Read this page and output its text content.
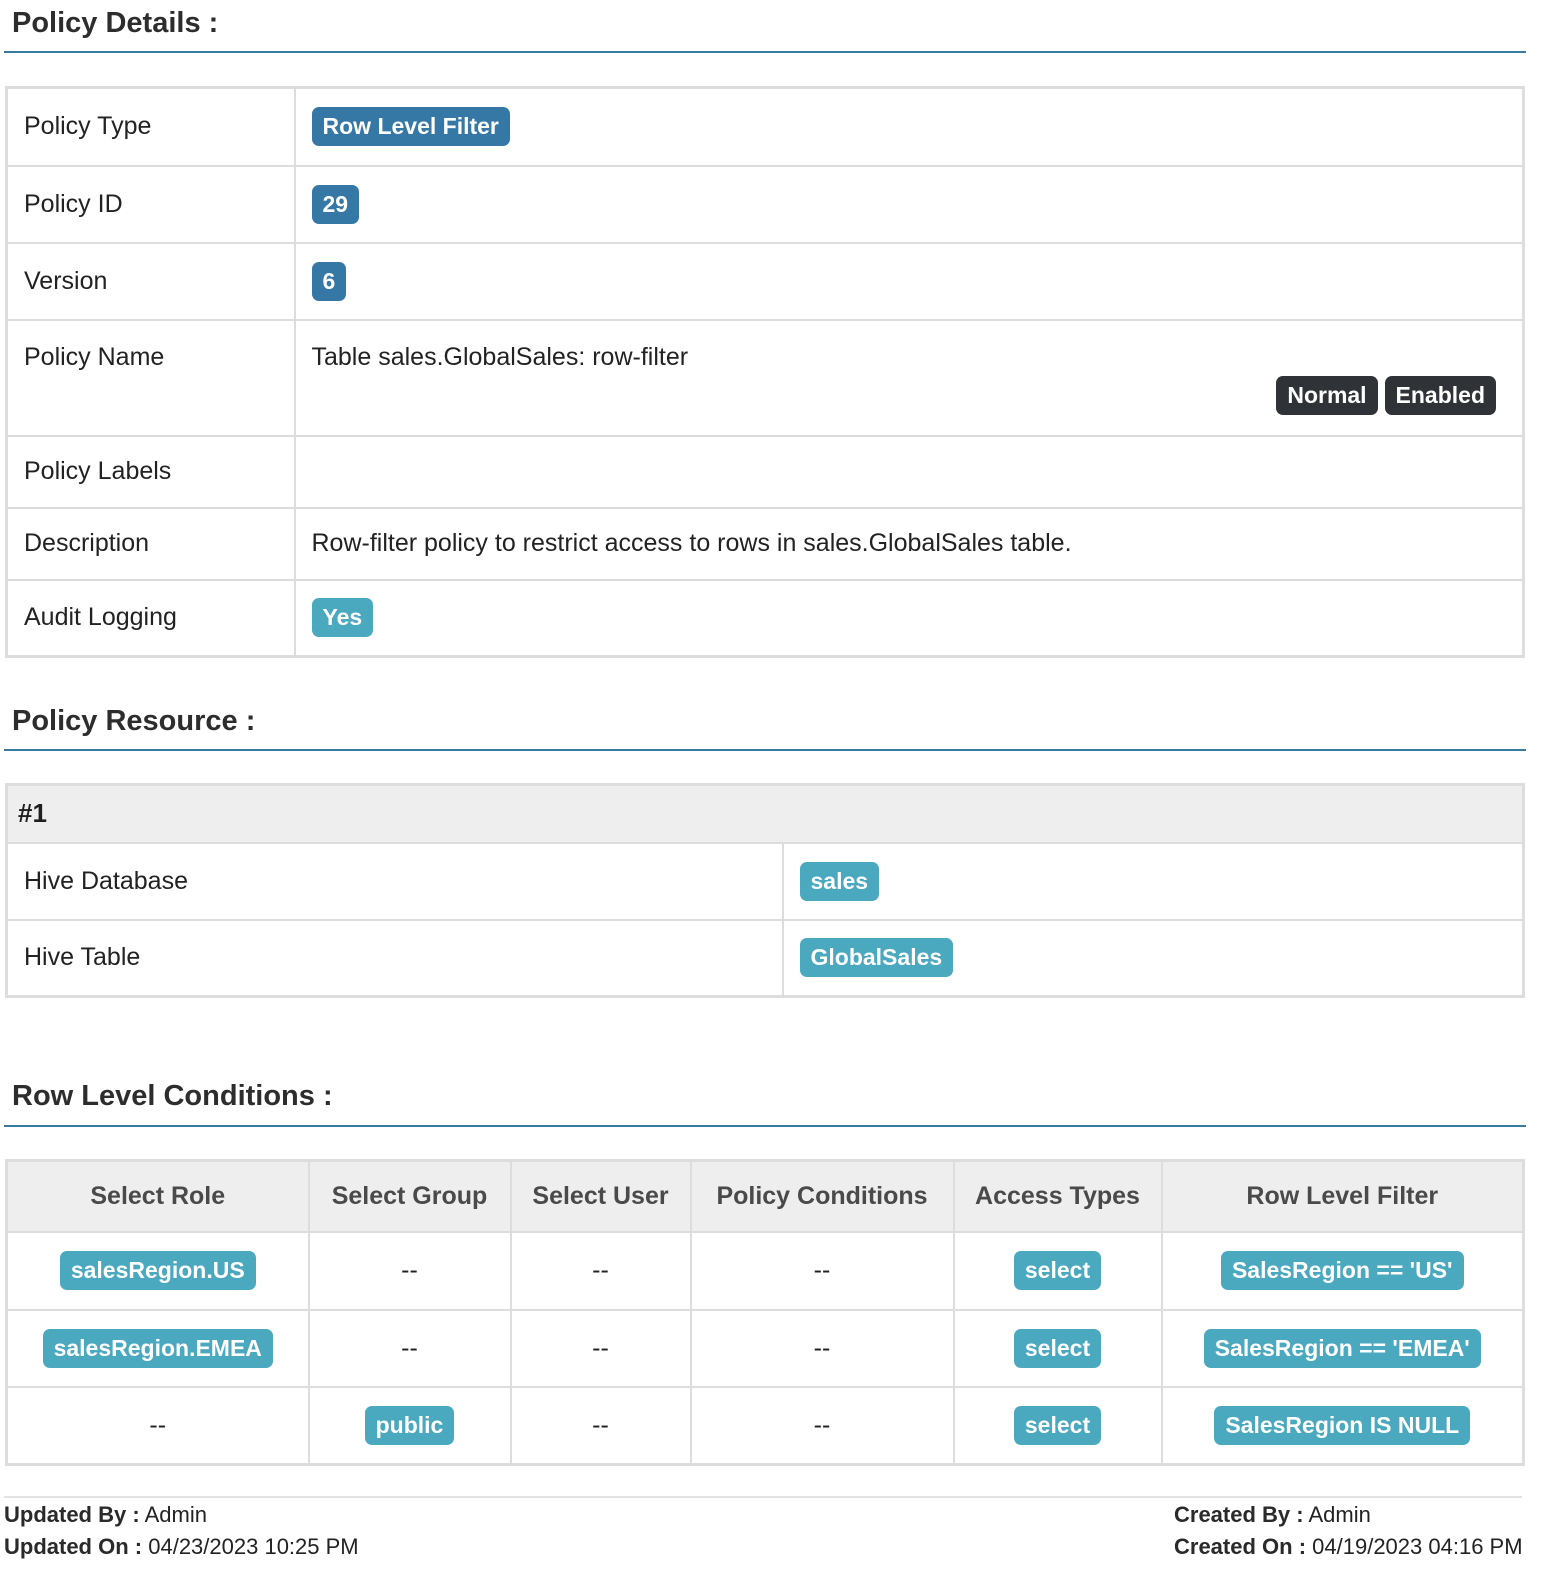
Policy Details :
Policy Type	Row Level Filter
Policy ID	29
Version	6
Policy Name	Table sales.GlobalSales: row-filter
Normal Enabled

Policy Labels	
Description	Row-filter policy to restrict access to rows in sales.GlobalSales table.
Audit Logging	Yes
Policy Resource :
#1	
Hive Database	sales
Hive Table	GlobalSales
Row Level Conditions :
Select Role	Select Group	Select User	Policy Conditions	Access Types	Row Level Filter
salesRegion.US	--	--	--	select	SalesRegion == 'US'
salesRegion.EMEA	--	--	--	select	SalesRegion == 'EMEA'
--	public	--	--	select	SalesRegion IS NULL
Updated By : Admin
Updated On : 04/23/2023 10:25 PM
Created By : Admin
Created On : 04/19/2023 04:16 PM
